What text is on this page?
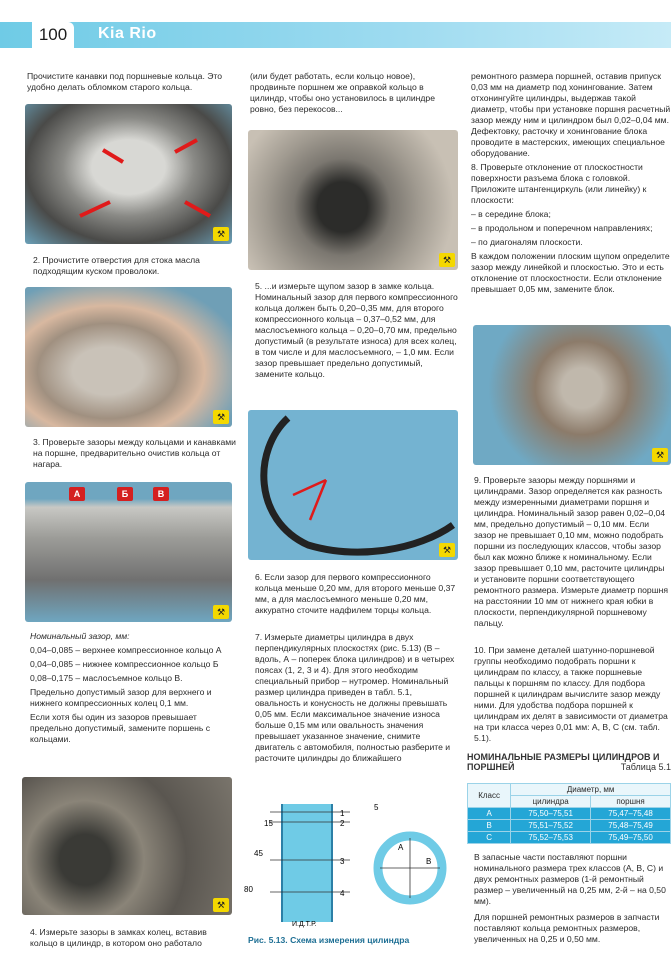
100	Kia Rio

Прочистите канавки под поршневые кольца. Это удобно делать обломком старого кольца.

⚒
2. Прочистите отверстия для стока масла подходящим куском проволоки.
⚒
3. Проверьте зазоры между кольцами и канавками на поршне, предварительно очистив кольца от нагара.
А	Б	В
⚒

Номинальный зазор, мм:

0,04–0,085 – верхнее компрессионное кольцо А

0,04–0,085 – нижнее компрессионное кольцо Б

0,08–0,175 – маслосъемное кольцо В.

Предельно допустимый зазор для верхнего и нижнего компрессионных колец 0,1 мм.

Если хотя бы один из зазоров превышает предельно допустимый, замените поршень с кольцами.

⚒
4. Измерьте зазоры в замках колец, вставив кольцо в цилиндр, в котором оно работало
(или будет работать, если кольцо новое), продвиньте поршнем же оправкой кольцо в цилиндр, чтобы оно установилось в цилиндре ровно, без перекосов...
⚒
5. ...и измерьте щупом зазор в замке кольца. Номинальный зазор для первого компрессионного кольца должен быть 0,20–0,35 мм, для второго компрессионного кольца – 0,37–0,52 мм, для маслосъемного кольца – 0,20–0,70 мм, предельно допустимый (в результате износа) для всех колец, в том числе и для маслосъемного, – 1,0 мм. Если зазор превышает предельно допустимый, замените кольцо.
⚒
6. Если зазор для первого компрессионного кольца меньше 0,20 мм, для второго меньше 0,37 мм, а для маслосъемного меньше 0,20 мм, аккуратно сточите надфилем торцы кольца.
7. Измерьте диаметры цилиндра в двух перпендикулярных плоскостях (рис. 5.13) (В – вдоль, А – поперек блока цилиндров) и в четырех поясах (1, 2, 3 и 4). Для этого необходим специальный прибор – нутромер. Номинальный размер цилиндра приведен в табл. 5.1, овальность и конусность не должны превышать 0,05 мм. Если максимальное значение износа больше 0,15 мм или овальность значения превышает указанное значение, снимите двигатель с автомобиля, полностью разберите и расточите цилиндры до ближайшего
5
15
1
2
45
3
4
80
А
В
И.Д.Т.Р.
Рис. 5.13. Схема измерения цилиндра

ремонтного размера поршней, оставив припуск 0,03 мм на диаметр под хонингование. Затем отхонингуйте цилиндры, выдержав такой диаметр, чтобы при установке поршня расчетный зазор между ним и цилиндром был 0,02–0,04 мм. Дефектовку, расточку и хонингование блока проводите в мастерских, имеющих специальное оборудование.

8. Проверьте отклонение от плоскостности поверхности разъема блока с головкой. Приложите штангенциркуль (или линейку) к плоскости:

– в середине блока;

– в продольном и поперечном направлениях;

– по диагоналям плоскости.

В каждом положении плоским щупом определите зазор между линейкой и плоскостью. Это и есть отклонение от плоскостности. Если отклонение превышает 0,05 мм, замените блок.

⚒
9. Проверьте зазоры между поршнями и цилиндрами. Зазор определяется как разность между измеренными диаметрами поршня и цилиндра. Номинальный зазор равен 0,02–0,04 мм, предельно допустимый – 0,10 мм. Если зазор не превышает 0,10 мм, можно подобрать поршни из последующих классов, чтобы зазор был как можно ближе к номинальному. Если зазор превышает 0,10 мм, расточите цилиндры и установите поршни соответствующего ремонтного размера. Измерьте диаметр поршня на расстоянии 10 мм от нижнего края юбки в плоскости, перпендикулярной поршневому пальцу.
10. При замене деталей шатунно-поршневой группы необходимо подобрать поршни к цилиндрам по классу, а также поршневые пальцы к поршням по классу. Для подбора поршней к цилиндрам вычислите зазор между ними. Для удобства подбора поршней к цилиндрам их делят в зависимости от диаметра на три класса через 0,01 мм: А, В, С (см. табл. 5.1).
НОМИНАЛЬНЫЕ РАЗМЕРЫ ЦИЛИНДРОВ И ПОРШНЕЙ	Таблица 5.1
Класс	Диаметр, мм	
	цилиндра	поршня
А	75,50–75,51	75,47–75,48
В	75,51–75,52	75,48–75,49
С	75,52–75,53	75,49–75,50
В запасные части поставляют поршни номинального размера трех классов (А, В, С) и двух ремонтных размеров (1-й ремонтный размер – увеличенный на 0,25 мм, 2-й – на 0,50 мм).
Для поршней ремонтных размеров в запчасти поставляют кольца ремонтных размеров, увеличенных на 0,25 и 0,50 мм.
